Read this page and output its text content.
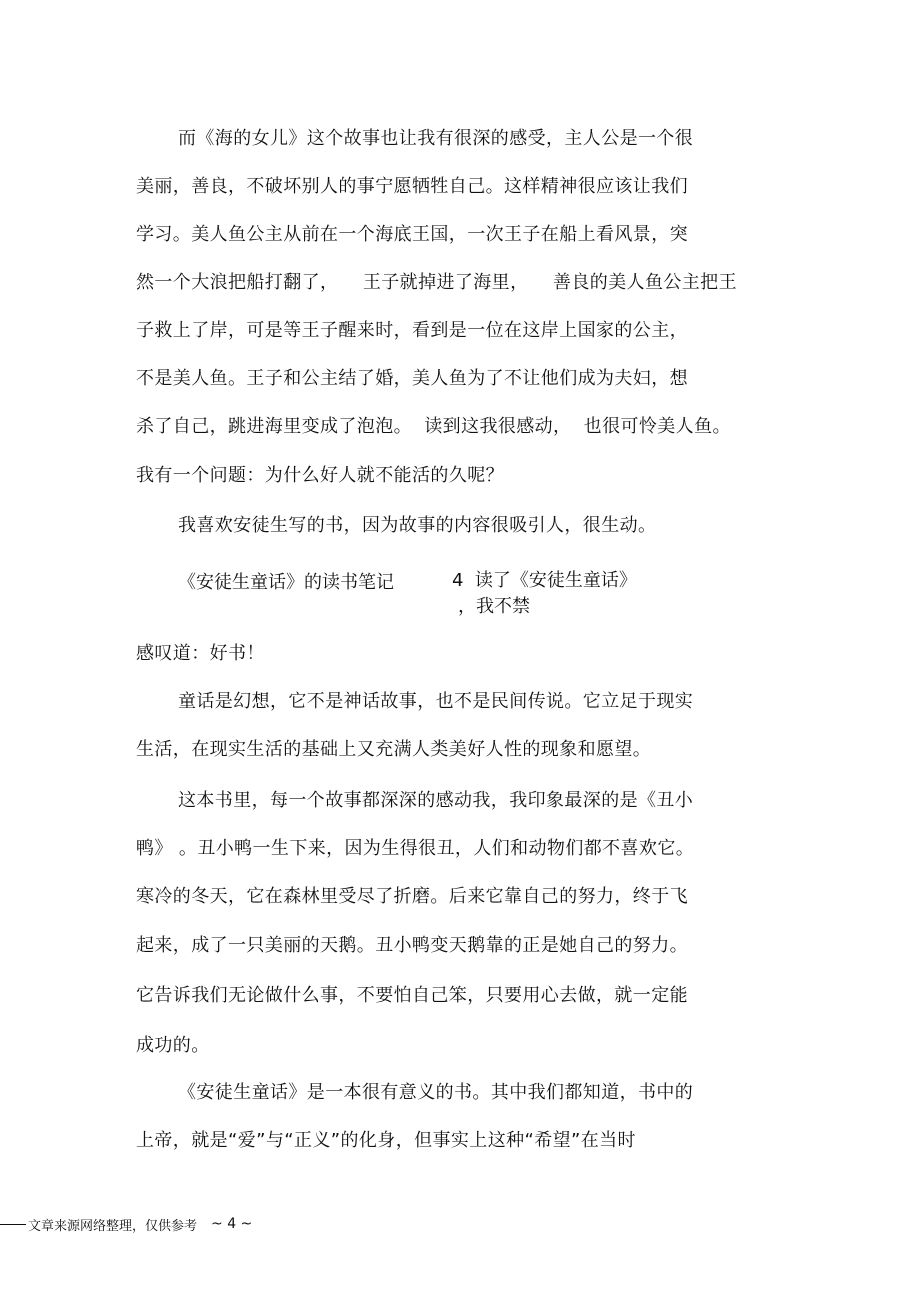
而《海的女儿》这个故事也让我有很深的感受，主人公是一个很
美丽，善良，不破坏别人的事宁愿牺牲自己。这样精神很应该让我们
学习。美人鱼公主从前在一个海底王国，一次王子在船上看风景，突
然一个大浪把船打翻了，    王子就掉进了海里，    善良的美人鱼公主把王
子救上了岸，可是等王子醒来时，看到是一位在这岸上国家的公主，
不是美人鱼。王子和公主结了婚，美人鱼为了不让他们成为夫妇，想
杀了自己，跳进海里变成了泡泡。  读到这我很感动，  也很可怜美人鱼。
我有一个问题：为什么好人就不能活的久呢？
我喜欢安徒生写的书，因为故事的内容很吸引人，很生动。
《安徒生童话》的读书笔记	4 读了《安徒生童话》
，我不禁
感叹道：好书！
童话是幻想，它不是神话故事，也不是民间传说。它立足于现实
生活，在现实生活的基础上又充满人类美好人性的现象和愿望。
这本书里，每一个故事都深深的感动我，我印象最深的是《丑小
鸭》 。丑小鸭一生下来，因为生得很丑，人们和动物们都不喜欢它。
寒冷的冬天，它在森林里受尽了折磨。后来它靠自己的努力，终于飞
起来，成了一只美丽的天鹅。丑小鸭变天鹅靠的正是她自己的努力。
它告诉我们无论做什么事，不要怕自己笨，只要用心去做，就一定能
成功的。
《安徒生童话》是一本很有意义的书。其中我们都知道，书中的
上帝，就是“爱”与“正义”的化身，但事实上这种“希望”在当时
文章来源网络整理，仅供参考 ~ 4 ~
